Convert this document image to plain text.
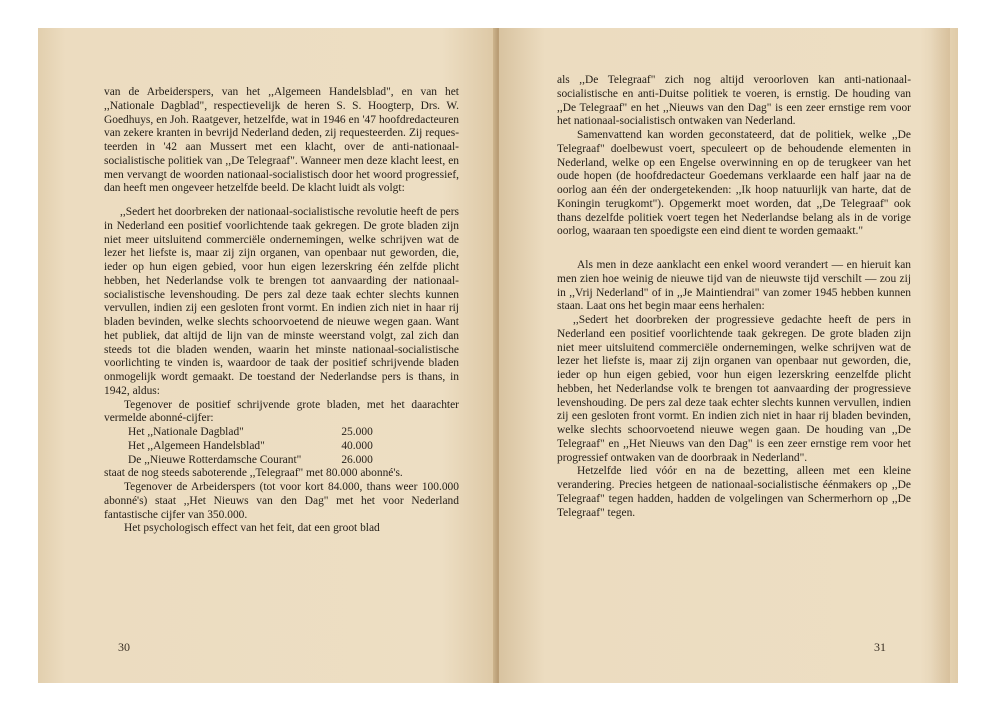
van de Arbeiderspers, van het ,,Algemeen Handelsblad", en van het ,,Nationale Dagblad", respectievelijk de heren S. S. Hoogterp, Drs. W. Goedhuys, en Joh. Raatgever, hetzelfde, wat in 1946 en '47 hoofdredacteuren van zekere kranten in bevrijd Nederland deden, zij requesteerden. Zij requesteerden in '42 aan Mussert met een klacht, over de anti-nationaal-socialistische politiek van ,,De Telegraaf". Wanneer men deze klacht leest, en men vervangt de woorden nationaal-socialistisch door het woord progressief, dan heeft men ongeveer hetzelfde beeld. De klacht luidt als volgt:

,,Sedert het doorbreken der nationaal-socialistische revolutie heeft de pers in Nederland een positief voorlichtende taak gekregen. De grote bladen zijn niet meer uitsluitend commerciële ondernemingen, welke schrijven wat de lezer het liefste is, maar zij zijn organen, van openbaar nut geworden, die, ieder op hun eigen gebied, voor hun eigen lezerskring één zelfde plicht hebben, het Nederlandse volk te brengen tot aanvaarding der nationaal-socialistische levenshouding. De pers zal deze taak echter slechts kunnen vervullen, indien zij een gesloten front vormt. En indien zich niet in haar rij bladen bevinden, welke slechts schoorvoetend de nieuwe wegen gaan. Want het publiek, dat altijd de lijn van de minste weerstand volgt, zal zich dan steeds tot die bladen wenden, waarin het minste nationaal-socialistische voorlichting te vinden is, waardoor de taak der positief schrijvende bladen onmogelijk wordt gemaakt. De toestand der Nederlandse pers is thans, in 1942, aldus:

Tegenover de positief schrijvende grote bladen, met het daarachter vermelde abonné-cijfer:

Het ,,Nationale Dagblad"	25.000
Het ,,Algemeen Handelsblad"	40.000
De ,,Nieuwe Rotterdamsche Courant"	26.000

staat de nog steeds saboterende ,,Telegraaf" met 80.000 abonné's.

Tegenover de Arbeiderspers (tot voor kort 84.000, thans weer 100.000 abonné's) staat ,,Het Nieuws van den Dag" met het voor Nederland fantastische cijfer van 350.000.

Het psychologisch effect van het feit, dat een groot blad

30

als ,,De Telegraaf" zich nog altijd veroorloven kan anti-nationaal-socialistische en anti-Duitse politiek te voeren, is ernstig. De houding van ,,De Telegraaf" en het ,,Nieuws van den Dag" is een zeer ernstige rem voor het nationaal-socialistisch ontwaken van Nederland.

Samenvattend kan worden geconstateerd, dat de politiek, welke ,,De Telegraaf" doelbewust voert, speculeert op de behoudende elementen in Nederland, welke op een Engelse overwinning en op de terugkeer van het oude hopen (de hoofdredacteur Goedemans verklaarde een half jaar na de oorlog aan één der ondergetekenden: ,,Ik hoop natuurlijk van harte, dat de Koningin terugkomt"). Opgemerkt moet worden, dat ,,De Telegraaf" ook thans dezelfde politiek voert tegen het Nederlandse belang als in de vorige oorlog, waaraan ten spoedigste een eind dient te worden gemaakt."

Als men in deze aanklacht een enkel woord verandert — en hieruit kan men zien hoe weinig de nieuwe tijd van de nieuwste tijd verschilt — zou zij in ,,Vrij Nederland" of in ,,Je Maintiendrai" van zomer 1945 hebben kunnen staan. Laat ons het begin maar eens herhalen:

,,Sedert het doorbreken der progressieve gedachte heeft de pers in Nederland een positief voorlichtende taak gekregen. De grote bladen zijn niet meer uitsluitend commerciële ondernemingen, welke schrijven wat de lezer het liefste is, maar zij zijn organen van openbaar nut geworden, die, ieder op hun eigen gebied, voor hun eigen lezerskring eenzelfde plicht hebben, het Nederlandse volk te brengen tot aanvaarding der progressieve levenshouding. De pers zal deze taak echter slechts kunnen vervullen, indien zij een gesloten front vormt. En indien zich niet in haar rij bladen bevinden, welke slechts schoorvoetend nieuwe wegen gaan. De houding van ,,De Telegraaf" en ,,Het Nieuws van den Dag" is een zeer ernstige rem voor het progressief ontwaken van de doorbraak in Nederland".

Hetzelfde lied vóór en na de bezetting, alleen met een kleine verandering. Precies hetgeen de nationaal-socialistische éénmakers op ,,De Telegraaf" tegen hadden, hadden de volgelingen van Schermerhorn op ,,De Telegraaf" tegen.

31
